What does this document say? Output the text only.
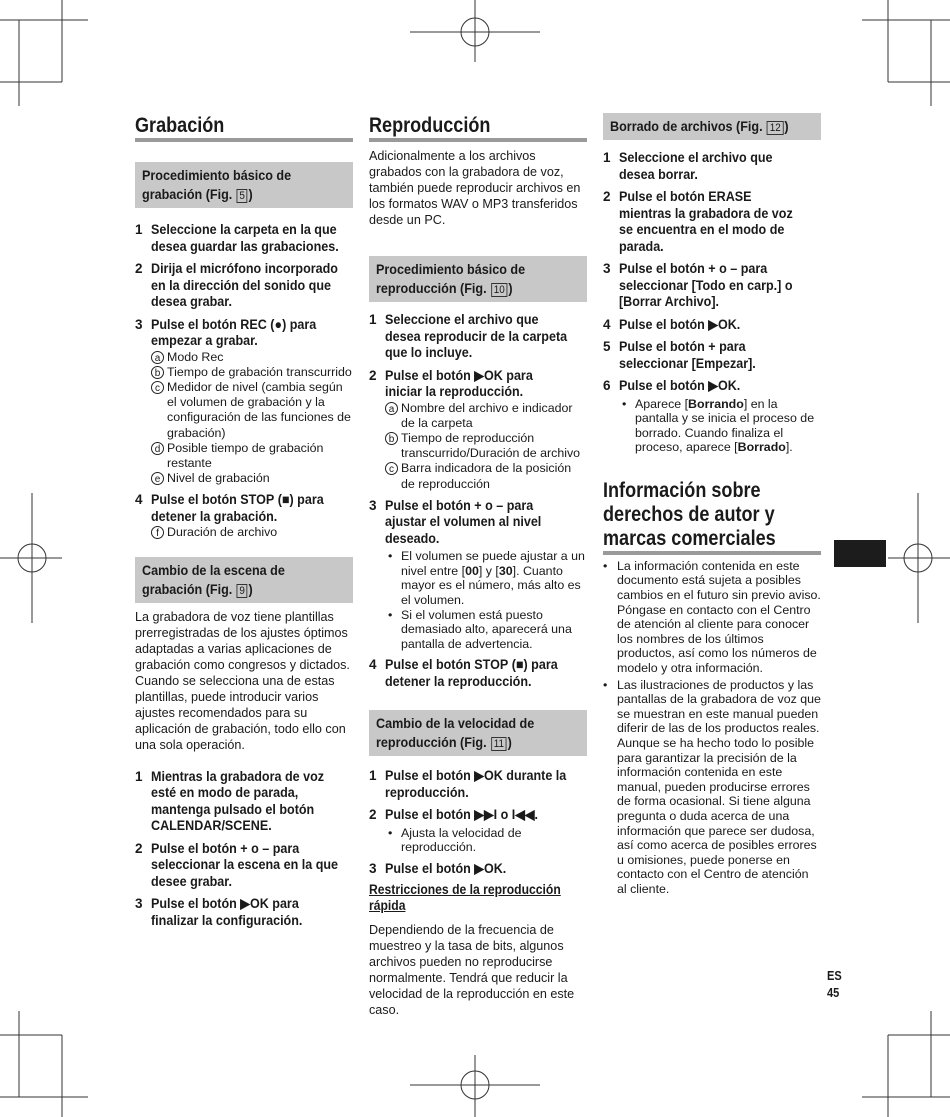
ES
45
Grabación
Procedimiento básico de
grabación (Fig. 5 )
1 Seleccione la carpeta en la que desea guardar las grabaciones.
2 Dirija el micrófono incorporado en la dirección del sonido que desea grabar.
3 Pulse el botón REC (●) para empezar a grabar.
a Modo Rec
b Tiempo de grabación transcurrido
c Medidor de nivel (cambia según el volumen de grabación y la configuración de las funciones de grabación)
d Posible tiempo de grabación restante
e Nivel de grabación
4 Pulse el botón STOP (■) para detener la grabación.
f Duración de archivo
Cambio de la escena de
grabación (Fig. 9 )

La grabadora de voz tiene plantillas prerregistradas de los ajustes óptimos adaptadas a varias aplicaciones de grabación como congresos y dictados. Cuando se selecciona una de estas plantillas, puede introducir varios ajustes recomendados para su aplicación de grabación, todo ello con una sola operación.

1 Mientras la grabadora de voz esté en modo de parada, mantenga pulsado el botón CALENDAR/SCENE.
2 Pulse el botón + o – para seleccionar la escena en la que desee grabar.
3 Pulse el botón ▶OK para finalizar la configuración.
Reproducción

Adicionalmente a los archivos grabados con la grabadora de voz, también puede reproducir archivos en los formatos WAV o MP3 transferidos desde un PC.

Procedimiento básico de
reproducción (Fig. 10 )
1 Seleccione el archivo que desea reproducir de la carpeta que lo incluye.
2 Pulse el botón ▶OK para iniciar la reproducción.
a Nombre del archivo e indicador de la carpeta
b Tiempo de reproducción transcurrido/Duración de archivo
c Barra indicadora de la posición de reproducción
3 Pulse el botón + o – para ajustar el volumen al nivel deseado.
• El volumen se puede ajustar a un nivel entre [00] y [30]. Cuanto mayor es el número, más alto es el volumen.
• Si el volumen está puesto demasiado alto, aparecerá una pantalla de advertencia.
4 Pulse el botón STOP (■) para detener la reproducción.
Cambio de la velocidad de
reproducción (Fig. 11 )
1 Pulse el botón ▶OK durante la reproducción.
2 Pulse el botón ▶▶I o I◀◀.
• Ajusta la velocidad de reproducción.
3 Pulse el botón ▶OK.
Restricciones de la reproducción rápida

Dependiendo de la frecuencia de muestreo y la tasa de bits, algunos archivos pueden no reproducirse normalmente. Tendrá que reducir la velocidad de la reproducción en este caso.

Borrado de archivos (Fig. 12 )
1 Seleccione el archivo que desea borrar.
2 Pulse el botón ERASE mientras la grabadora de voz se encuentra en el modo de parada.
3 Pulse el botón + o – para seleccionar [Todo en carp.] o [Borrar Archivo].
4 Pulse el botón ▶OK.
5 Pulse el botón + para seleccionar [Empezar].
6 Pulse el botón ▶OK.
• Aparece [Borrando] en la pantalla y se inicia el proceso de borrado. Cuando finaliza el proceso, aparece [Borrado].
Información sobre
derechos de autor y
marcas comerciales
• La información contenida en este documento está sujeta a posibles cambios en el futuro sin previo aviso. Póngase en contacto con el Centro de atención al cliente para conocer los nombres de los últimos productos, así como los números de modelo y otra información.
• Las ilustraciones de productos y las pantallas de la grabadora de voz que se muestran en este manual pueden diferir de las de los productos reales. Aunque se ha hecho todo lo posible para garantizar la precisión de la información contenida en este manual, pueden producirse errores de forma ocasional. Si tiene alguna pregunta o duda acerca de una información que parece ser dudosa, así como acerca de posibles errores u omisiones, puede ponerse en contacto con el Centro de atención al cliente.
